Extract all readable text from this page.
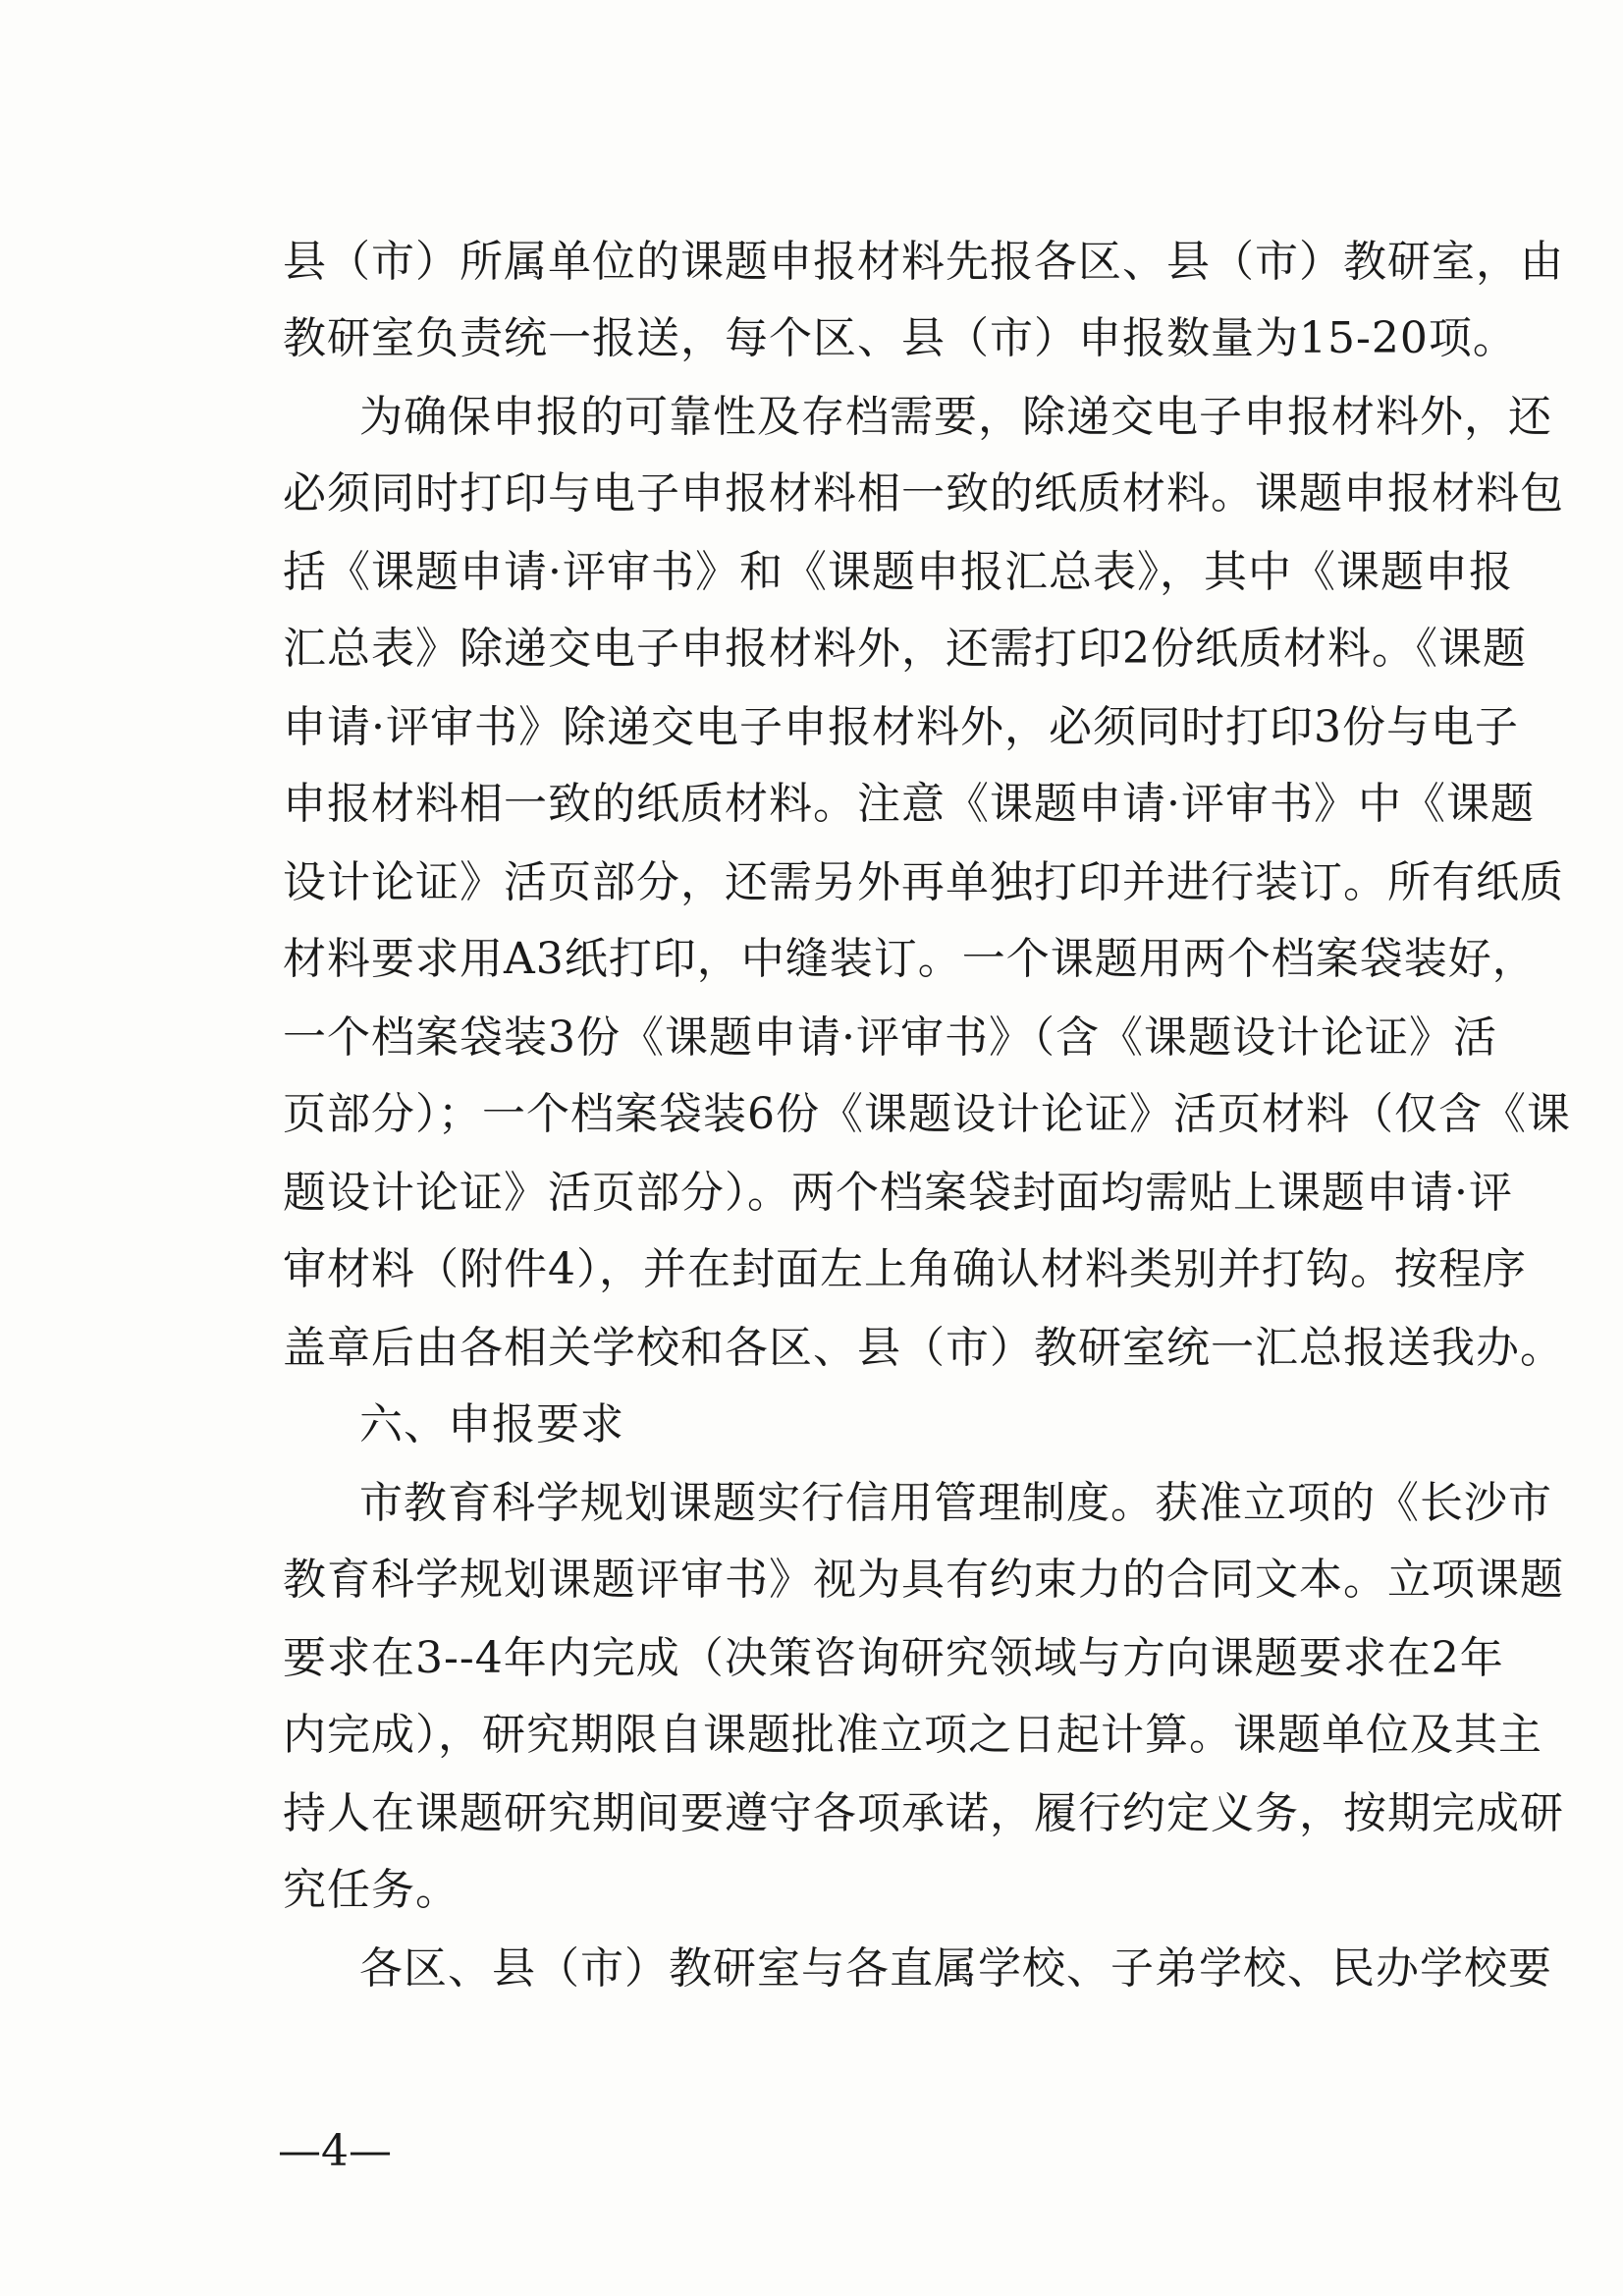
县（市）所属单位的课题申报材料先报各区、县（市）教研室，由
教研室负责统一报送，每个区、县（市）申报数量为15-20项。
为确保申报的可靠性及存档需要，除递交电子申报材料外，还
必须同时打印与电子申报材料相一致的纸质材料。课题申报材料包
括《课题申请·评审书》和《课题申报汇总表》，其中《课题申报
汇总表》除递交电子申报材料外，还需打印2份纸质材料。《课题
申请·评审书》除递交电子申报材料外，必须同时打印3份与电子
申报材料相一致的纸质材料。注意《课题申请·评审书》中《课题
设计论证》活页部分，还需另外再单独打印并进行装订。所有纸质
材料要求用A3纸打印，中缝装订。一个课题用两个档案袋装好，
一个档案袋装3份《课题申请·评审书》（含《课题设计论证》活
页部分）；一个档案袋装6份《课题设计论证》活页材料（仅含《课
题设计论证》活页部分）。两个档案袋封面均需贴上课题申请·评
审材料（附件4），并在封面左上角确认材料类别并打钩。按程序
盖章后由各相关学校和各区、县（市）教研室统一汇总报送我办。
六、申报要求
市教育科学规划课题实行信用管理制度。获准立项的《长沙市
教育科学规划课题评审书》视为具有约束力的合同文本。立项课题
要求在3--4年内完成（决策咨询研究领域与方向课题要求在2年
内完成），研究期限自课题批准立项之日起计算。课题单位及其主
持人在课题研究期间要遵守各项承诺，履行约定义务，按期完成研
究任务。
各区、县（市）教研室与各直属学校、子弟学校、民办学校要
—4—
